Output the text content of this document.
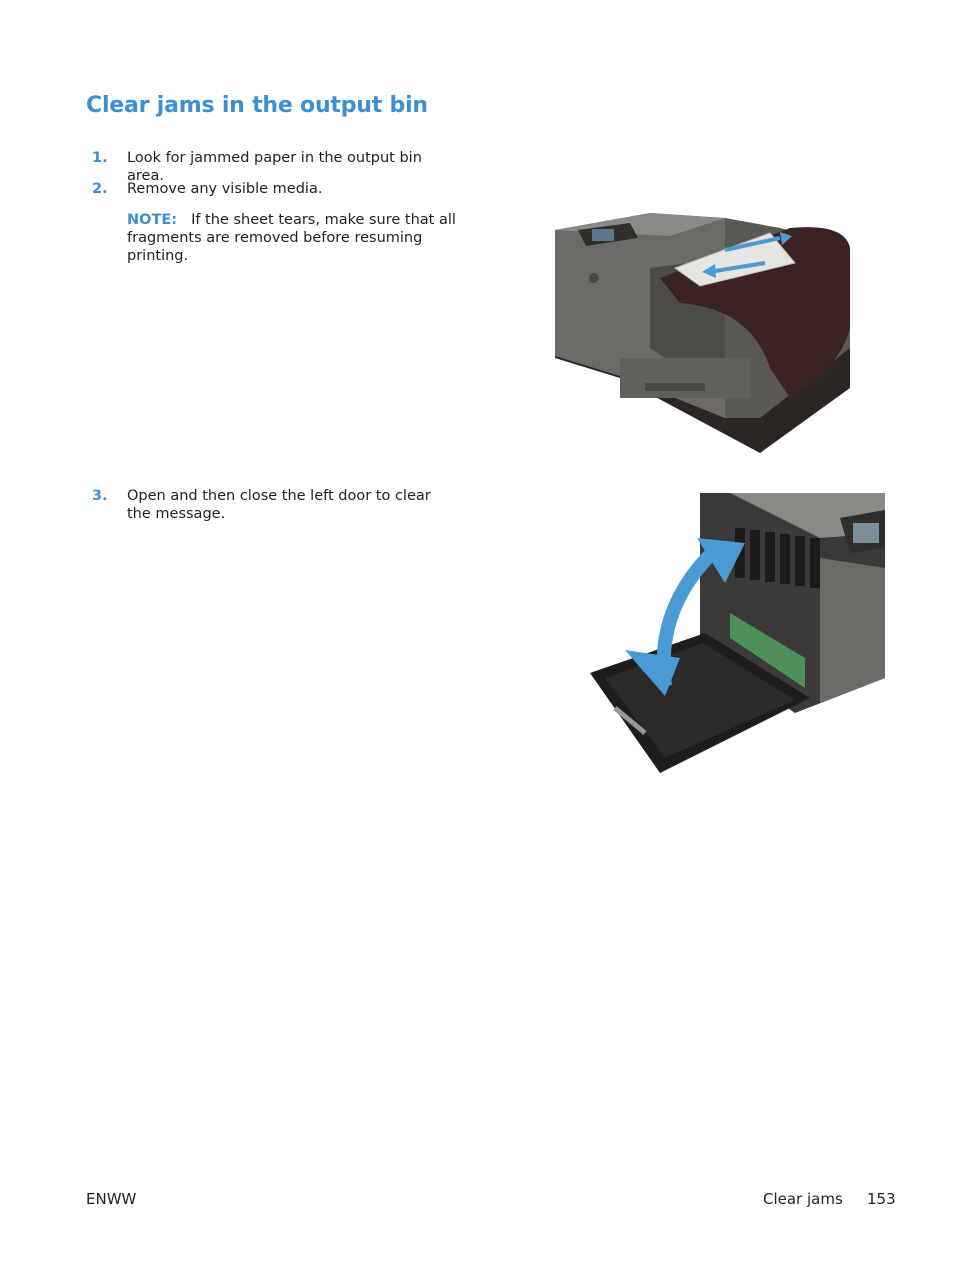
Clear jams in the output bin
1.	Look for jammed paper in the output bin area.
2.	Remove any visible media.
NOTE: If the sheet tears, make sure that all fragments are removed before resuming printing.
3.	Open and then close the left door to clear the message.
ENWW	Clear jams 153
